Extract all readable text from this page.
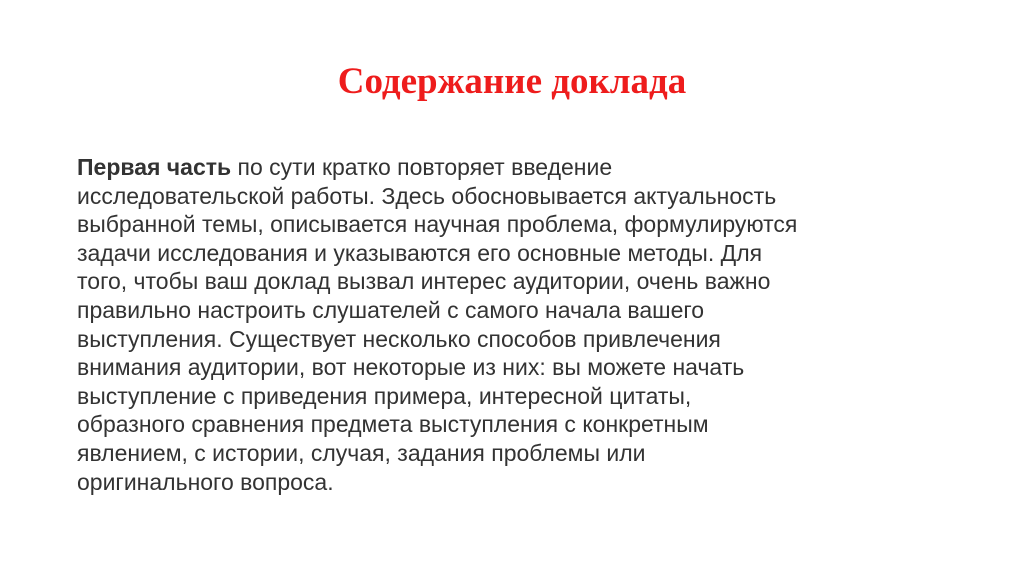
Содержание доклада
Первая часть по сути кратко повторяет введение
исследовательской работы. Здесь обосновывается актуальность
выбранной темы, описывается научная проблема, формулируются
задачи исследования и указываются его основные методы. Для
того, чтобы ваш доклад вызвал интерес аудитории, очень важно
правильно настроить слушателей с самого начала вашего
выступления. Существует несколько способов привлечения
внимания аудитории, вот некоторые из них: вы можете начать
выступление с приведения примера, интересной цитаты,
образного сравнения предмета выступления с конкретным
явлением, с истории, случая, задания проблемы или
оригинального вопроса.
